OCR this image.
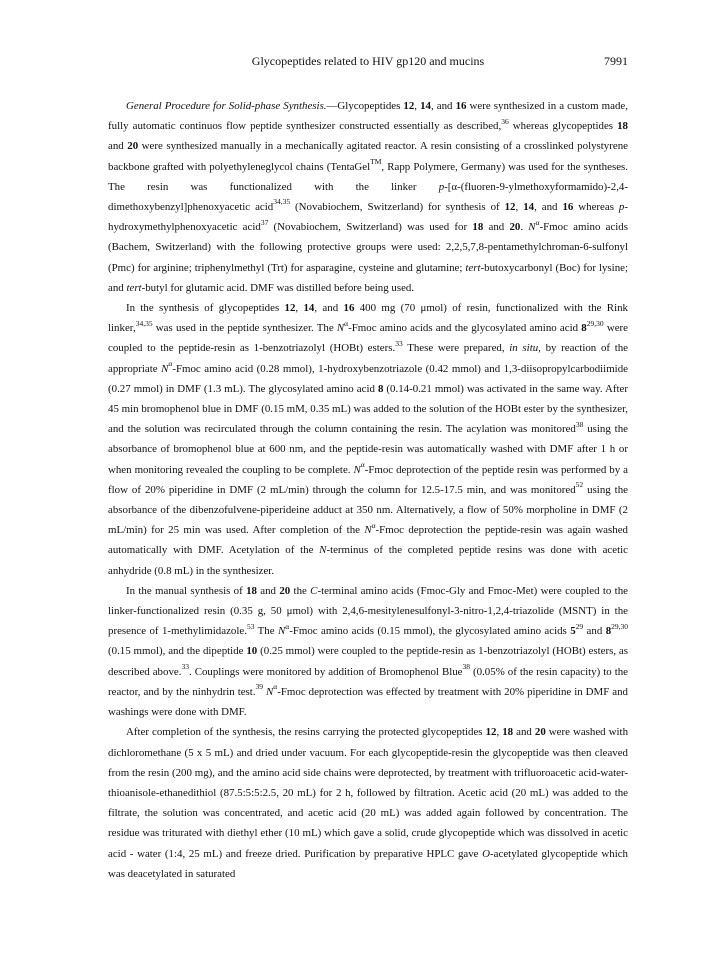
Glycopeptides related to HIV gp120 and mucins	7991

General Procedure for Solid-phase Synthesis.—Glycopeptides 12, 14, and 16 were synthesized in a custom made, fully automatic continuos flow peptide synthesizer constructed essentially as described,$^{36}$ whereas glycopeptides 18 and 20 were synthesized manually in a mechanically agitated reactor. A resin consisting of a crosslinked polystyrene backbone grafted with polyethyleneglycol chains (TentaGel™, Rapp Polymere, Germany) was used for the syntheses. The resin was functionalized with the linker p-[α-(fluoren-9-ylmethoxyformamido)-2,4-dimethoxybenzyl]phenoxyacetic acid$^{34,35}$ (Novabiochem, Switzerland) for synthesis of 12, 14, and 16 whereas p-hydroxymethylphenoxyacetic acid$^{37}$ (Novabiochem, Switzerland) was used for 18 and 20. $N^\alpha$-Fmoc amino acids (Bachem, Switzerland) with the following protective groups were used: 2,2,5,7,8-pentamethylchroman-6-sulfonyl (Pmc) for arginine; triphenylmethyl (Trt) for asparagine, cysteine and glutamine; tert-butoxycarbonyl (Boc) for lysine; and tert-butyl for glutamic acid. DMF was distilled before being used.

In the synthesis of glycopeptides 12, 14, and 16 400 mg (70 μmol) of resin, functionalized with the Rink linker,$^{34,35}$ was used in the peptide synthesizer. The $N^\alpha$-Fmoc amino acids and the glycosylated amino acid 8$^{29,30}$ were coupled to the peptide-resin as 1-benzotriazolyl (HOBt) esters.$^{33}$ These were prepared, in situ, by reaction of the appropriate $N^\alpha$-Fmoc amino acid (0.28 mmol), 1-hydroxybenzotriazole (0.42 mmol) and 1,3-diisopropylcarbodiimide (0.27 mmol) in DMF (1.3 mL). The glycosylated amino acid 8 (0.14-0.21 mmol) was activated in the same way. After 45 min bromophenol blue in DMF (0.15 mM, 0.35 mL) was added to the solution of the HOBt ester by the synthesizer, and the solution was recirculated through the column containing the resin. The acylation was monitored$^{38}$ using the absorbance of bromophenol blue at 600 nm, and the peptide-resin was automatically washed with DMF after 1 h or when monitoring revealed the coupling to be complete. $N^\alpha$-Fmoc deprotection of the peptide resin was performed by a flow of 20% piperidine in DMF (2 mL/min) through the column for 12.5-17.5 min, and was monitored$^{52}$ using the absorbance of the dibenzofulvene-piperideine adduct at 350 nm. Alternatively, a flow of 50% morpholine in DMF (2 mL/min) for 25 min was used. After completion of the $N^\alpha$-Fmoc deprotection the peptide-resin was again washed automatically with DMF. Acetylation of the N-terminus of the completed peptide resins was done with acetic anhydride (0.8 mL) in the synthesizer.

In the manual synthesis of 18 and 20 the C-terminal amino acids (Fmoc-Gly and Fmoc-Met) were coupled to the linker-functionalized resin (0.35 g, 50 μmol) with 2,4,6-mesitylenesulfonyl-3-nitro-1,2,4-triazolide (MSNT) in the presence of 1-methylimidazole.$^{53}$ The $N^\alpha$-Fmoc amino acids (0.15 mmol), the glycosylated amino acids $5^{29}$ and 8$^{29,30}$ (0.15 mmol), and the dipeptide 10 (0.25 mmol) were coupled to the peptide-resin as 1-benzotriazolyl (HOBt) esters, as described above.$^{33}$. Couplings were monitored by addition of Bromophenol Blue$^{38}$ (0.05% of the resin capacity) to the reactor, and by the ninhydrin test.$^{39}$ $N^\alpha$-Fmoc deprotection was effected by treatment with 20% piperidine in DMF and washings were done with DMF.

After completion of the synthesis, the resins carrying the protected glycopeptides 12, 18 and 20 were washed with dichloromethane (5 x 5 mL) and dried under vacuum. For each glycopeptide-resin the glycopeptide was then cleaved from the resin (200 mg), and the amino acid side chains were deprotected, by treatment with trifluoroacetic acid-water-thioanisole-ethanedithiol (87.5:5:5:2.5, 20 mL) for 2 h, followed by filtration. Acetic acid (20 mL) was added to the filtrate, the solution was concentrated, and acetic acid (20 mL) was added again followed by concentration. The residue was triturated with diethyl ether (10 mL) which gave a solid, crude glycopeptide which was dissolved in acetic acid - water (1:4, 25 mL) and freeze dried. Purification by preparative HPLC gave O-acetylated glycopeptide which was deacetylated in saturated
